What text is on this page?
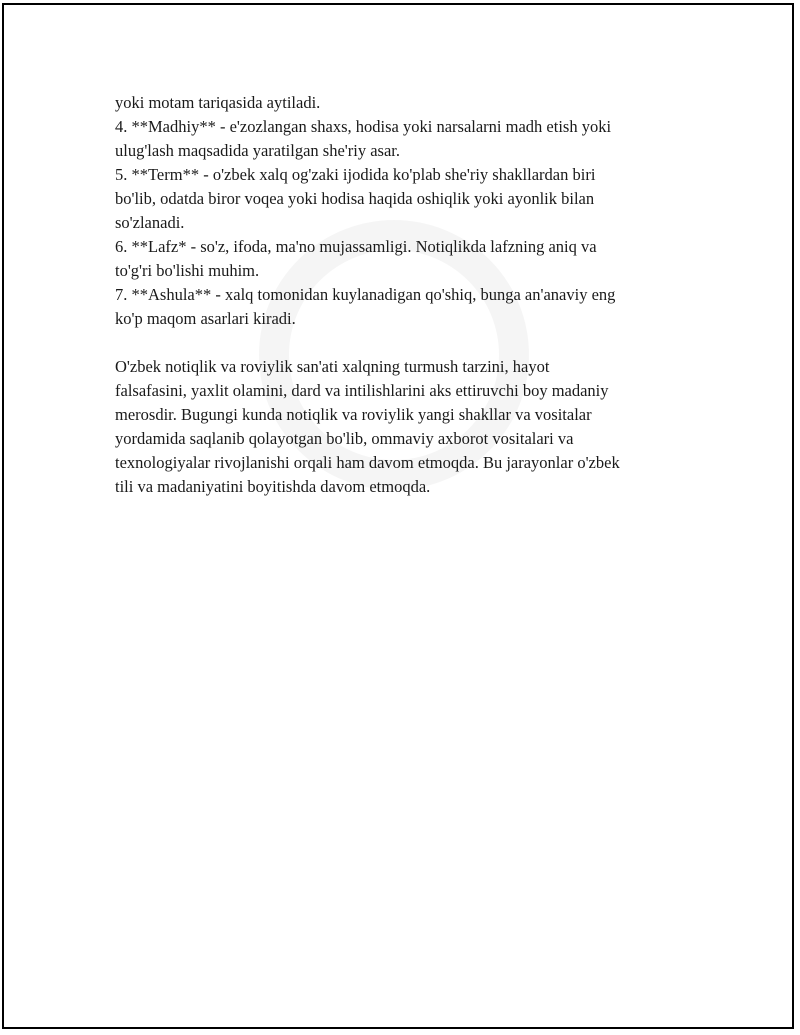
yoki motam tariqasida aytiladi.
4. **Madhiy** - e'zozlangan shaxs, hodisa yoki narsalarni madh etish yoki
ulug'lash maqsadida yaratilgan she'riy asar.
5. **Term** - o'zbek xalq og'zaki ijodida ko'plab she'riy shakllardan biri
bo'lib, odatda biror voqea yoki hodisa haqida oshiqlik yoki ayonlik bilan
so'zlanadi.
6. **Lafz* - so'z, ifoda, ma'no mujassamligi. Notiqlikda lafzning aniq va
to'g'ri bo'lishi muhim.
7. **Ashula** - xalq tomonidan kuylanadigan qo'shiq, bunga an'anaviy eng
ko'p maqom asarlari kiradi.
O'zbek notiqlik va roviylik san'ati xalqning turmush tarzini, hayot
falsafasini, yaxlit olamini, dard va intilishlarini aks ettiruvchi boy madaniy
merosdir. Bugungi kunda notiqlik va roviylik yangi shakllar va vositalar
yordamida saqlanib qolayotgan bo'lib, ommaviy axborot vositalari va
texnologiyalar rivojlanishi orqali ham davom etmoqda. Bu jarayonlar o'zbek
tili va madaniyatini boyitishda davom etmoqda.
